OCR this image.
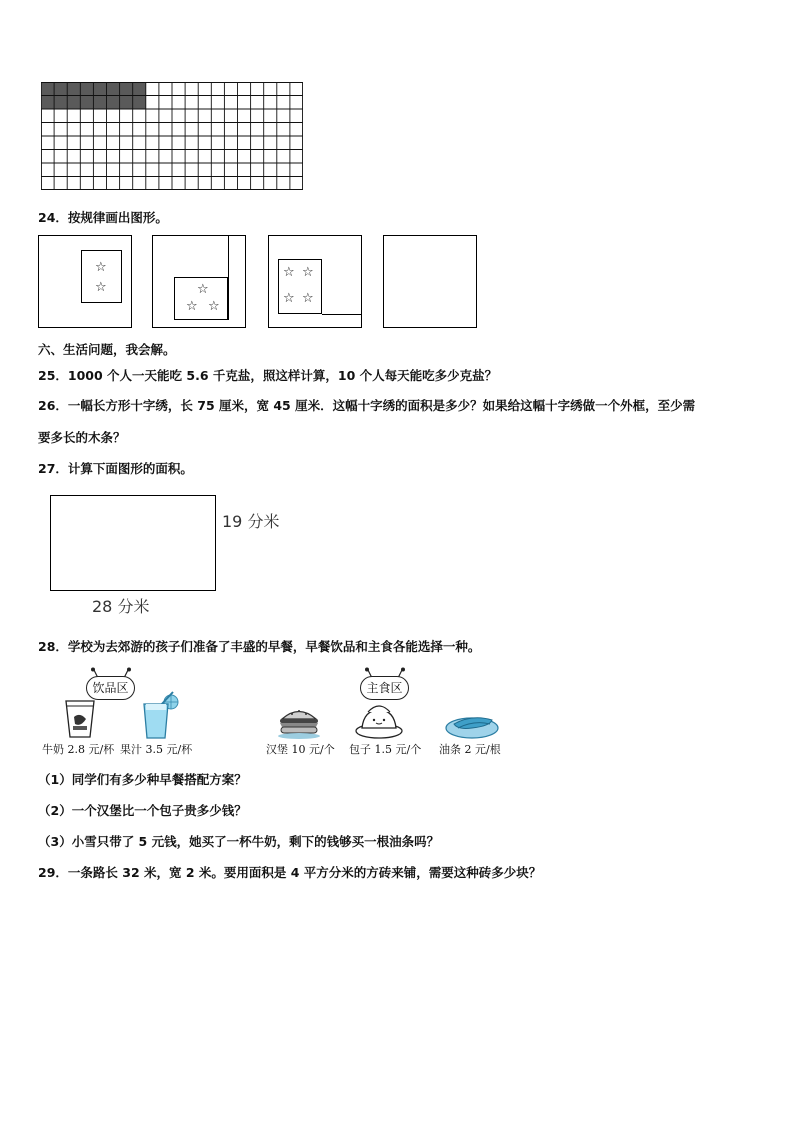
24．按规律画出图形。
☆
☆	☆
☆ ☆
☆ ☆
☆ ☆
六、生活问题，我会解。
25．1000 个人一天能吃 5.6 千克盐，照这样计算，10 个人每天能吃多少克盐？
26．一幅长方形十字绣，长 75 厘米，宽 45 厘米．这幅十字绣的面积是多少？如果给这幅十字绣做一个外框，至少需
要多长的木条？
27．计算下面图形的面积。
19 分米
28 分米
28．学校为去郊游的孩子们准备了丰盛的早餐，早餐饮品和主食各能选择一种。
饮品区	主食区
牛奶 2.8 元/杯 果汁 3.5 元/杯	汉堡 10 元/个 包子 1.5 元/个 油条 2 元/根
（1）同学们有多少种早餐搭配方案？
（2）一个汉堡比一个包子贵多少钱？
（3）小雪只带了 5 元钱，她买了一杯牛奶，剩下的钱够买一根油条吗？
29．一条路长 32 米，宽 2 米。要用面积是 4 平方分米的方砖来铺，需要这种砖多少块？
